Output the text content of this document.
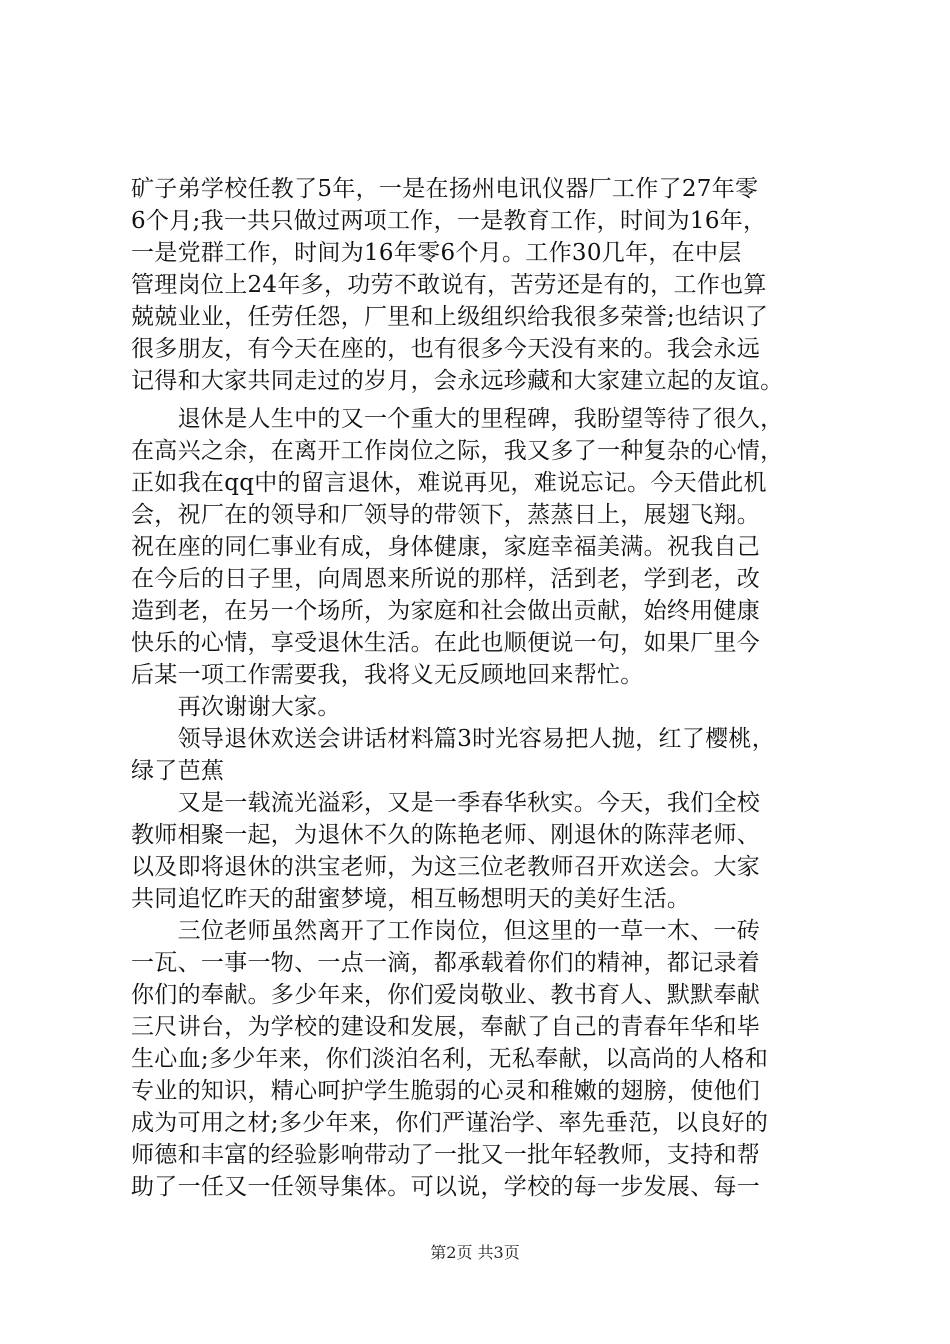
矿子弟学校任教了5年，一是在扬州电讯仪器厂工作了27年零
6个月;我一共只做过两项工作，一是教育工作，时间为16年，
一是党群工作，时间为16年零6个月。工作30几年，在中层
管理岗位上24年多，功劳不敢说有，苦劳还是有的，工作也算
兢兢业业，任劳任怨，厂里和上级组织给我很多荣誉;也结识了
很多朋友，有今天在座的，也有很多今天没有来的。我会永远
记得和大家共同走过的岁月，会永远珍藏和大家建立起的友谊。
　　退休是人生中的又一个重大的里程碑，我盼望等待了很久，
在高兴之余，在离开工作岗位之际，我又多了一种复杂的心情，
正如我在qq中的留言退休，难说再见，难说忘记。今天借此机
会，祝厂在的领导和厂领导的带领下，蒸蒸日上，展翅飞翔。
祝在座的同仁事业有成，身体健康，家庭幸福美满。祝我自己
在今后的日子里，向周恩来所说的那样，活到老，学到老，改
造到老，在另一个场所，为家庭和社会做出贡献，始终用健康
快乐的心情，享受退休生活。在此也顺便说一句，如果厂里今
后某一项工作需要我，我将义无反顾地回来帮忙。
　　再次谢谢大家。
　　领导退休欢送会讲话材料篇3时光容易把人抛，红了樱桃，
绿了芭蕉
　　又是一载流光溢彩，又是一季春华秋实。今天，我们全校
教师相聚一起，为退休不久的陈艳老师、刚退休的陈萍老师、
以及即将退休的洪宝老师，为这三位老教师召开欢送会。大家
共同追忆昨天的甜蜜梦境，相互畅想明天的美好生活。
　　三位老师虽然离开了工作岗位，但这里的一草一木、一砖
一瓦、一事一物、一点一滴，都承载着你们的精神，都记录着
你们的奉献。多少年来，你们爱岗敬业、教书育人、默默奉献
三尺讲台，为学校的建设和发展，奉献了自己的青春年华和毕
生心血;多少年来，你们淡泊名利，无私奉献，以高尚的人格和
专业的知识，精心呵护学生脆弱的心灵和稚嫩的翅膀，使他们
成为可用之材;多少年来，你们严谨治学、率先垂范，以良好的
师德和丰富的经验影响带动了一批又一批年轻教师，支持和帮
助了一任又一任领导集体。可以说，学校的每一步发展、每一
第2页 共3页
